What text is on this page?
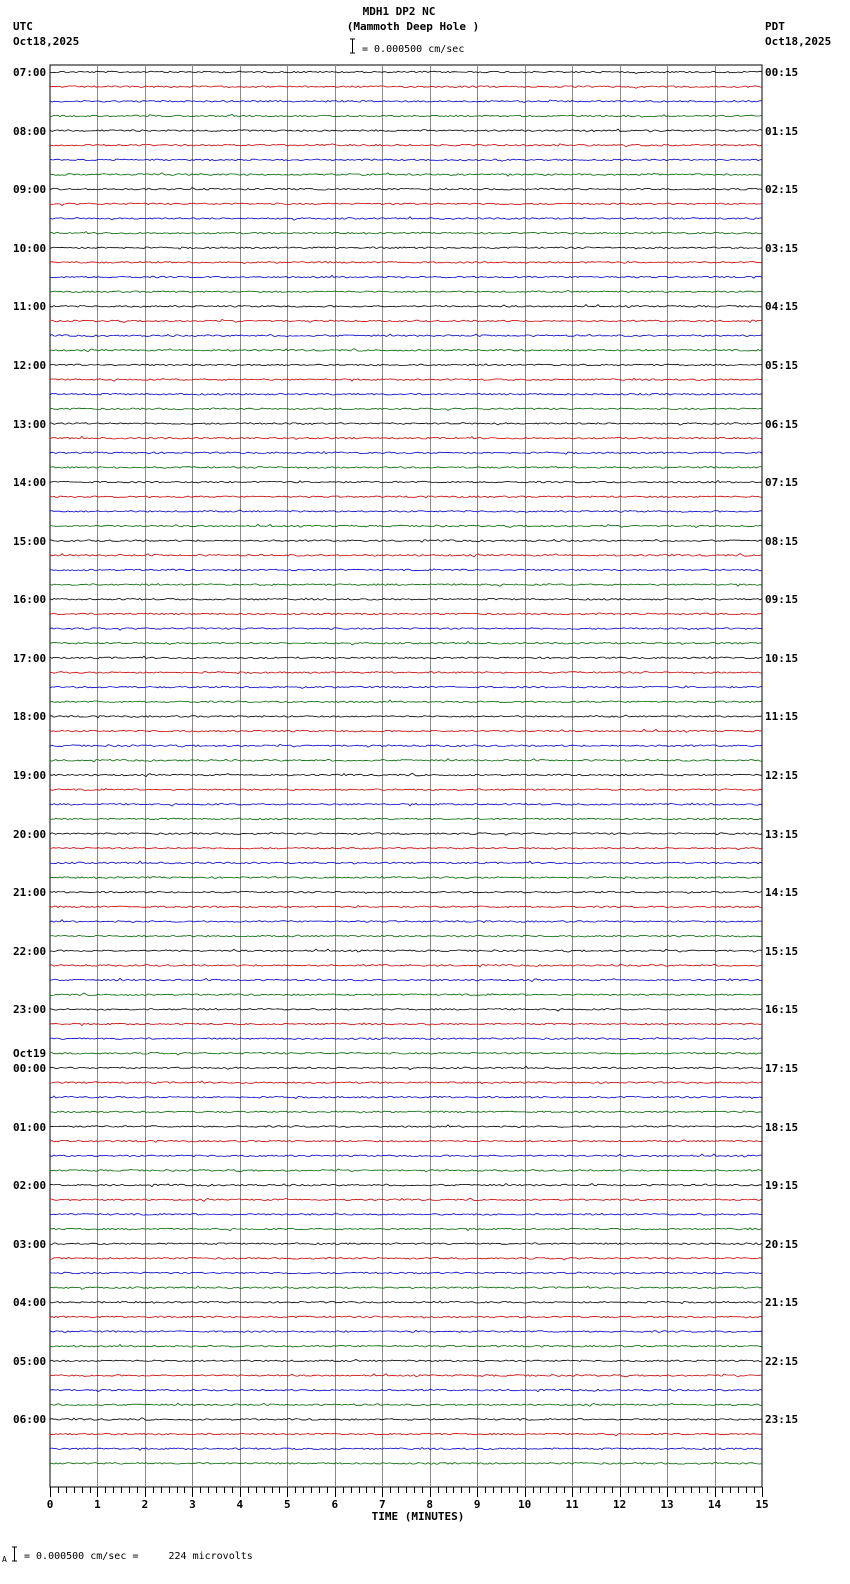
MDH1 DP2 NC
(Mammoth Deep Hole )
= 0.000500 cm/sec
UTC
Oct18,2025
PDT
Oct18,2025
07:00
08:00
09:00
10:00
11:00
12:00
13:00
14:00
15:00
16:00
17:00
18:00
19:00
20:00
21:00
22:00
23:00
00:00
Oct19
01:00
02:00
03:00
04:00
05:00
06:00
00:15
01:15
02:15
03:15
04:15
05:15
06:15
07:15
08:15
09:15
10:15
11:15
12:15
13:15
14:15
15:15
16:15
17:15
18:15
19:15
20:15
21:15
22:15
23:15
0	1	2	3	4	5	6	7	8	9	10	11	12	13	14	15
TIME (MINUTES)
A = 0.000500 cm/sec =     224 microvolts
